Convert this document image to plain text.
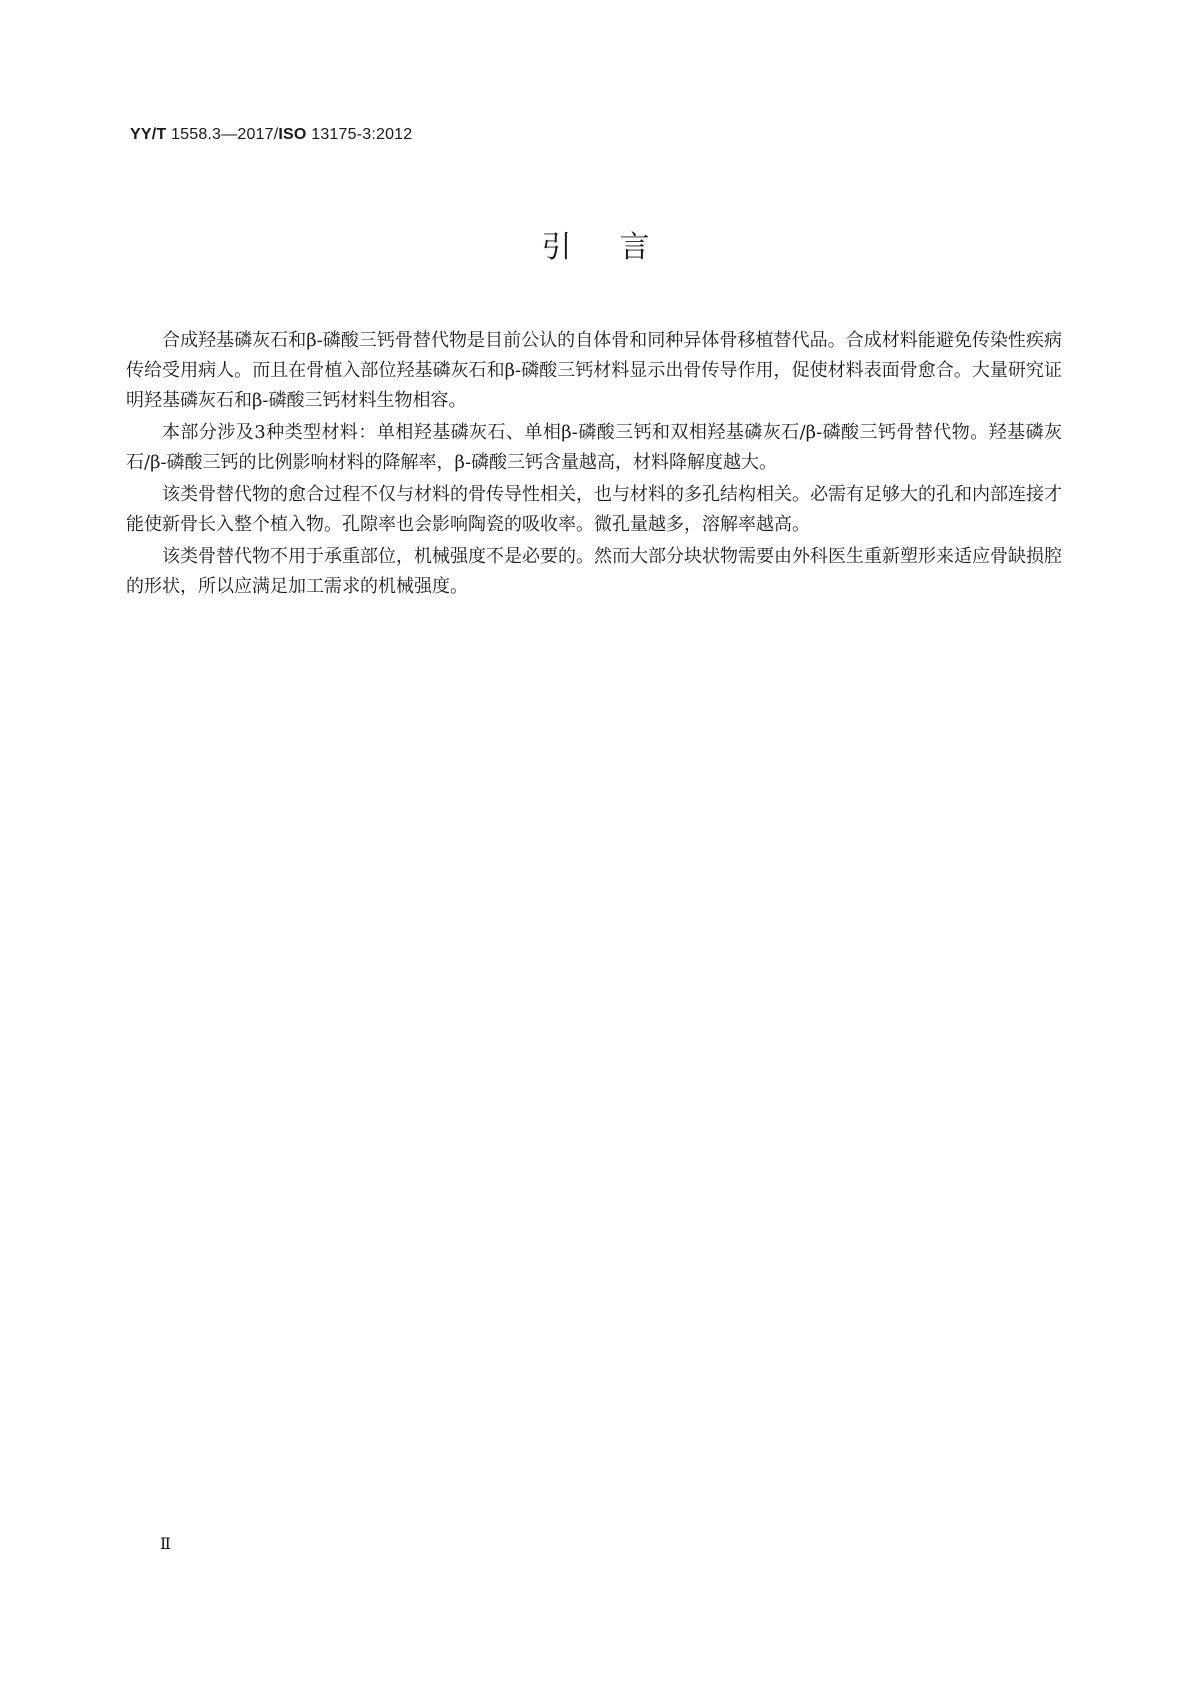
YY/T 1558.3—2017/ISO 13175-3:2012
引言

合成羟基磷灰石和β-磷酸三钙骨替代物是目前公认的自体骨和同种异体骨移植替代品。合成材料能避免传染性疾病传给受用病人。而且在骨植入部位羟基磷灰石和β-磷酸三钙材料显示出骨传导作用，促使材料表面骨愈合。大量研究证明羟基磷灰石和β-磷酸三钙材料生物相容。

本部分涉及3种类型材料：单相羟基磷灰石、单相β-磷酸三钙和双相羟基磷灰石/β-磷酸三钙骨替代物。羟基磷灰石/β-磷酸三钙的比例影响材料的降解率，β-磷酸三钙含量越高，材料降解度越大。

该类骨替代物的愈合过程不仅与材料的骨传导性相关，也与材料的多孔结构相关。必需有足够大的孔和内部连接才能使新骨长入整个植入物。孔隙率也会影响陶瓷的吸收率。微孔量越多，溶解率越高。

该类骨替代物不用于承重部位，机械强度不是必要的。然而大部分块状物需要由外科医生重新塑形来适应骨缺损腔的形状，所以应满足加工需求的机械强度。

Ⅱ
